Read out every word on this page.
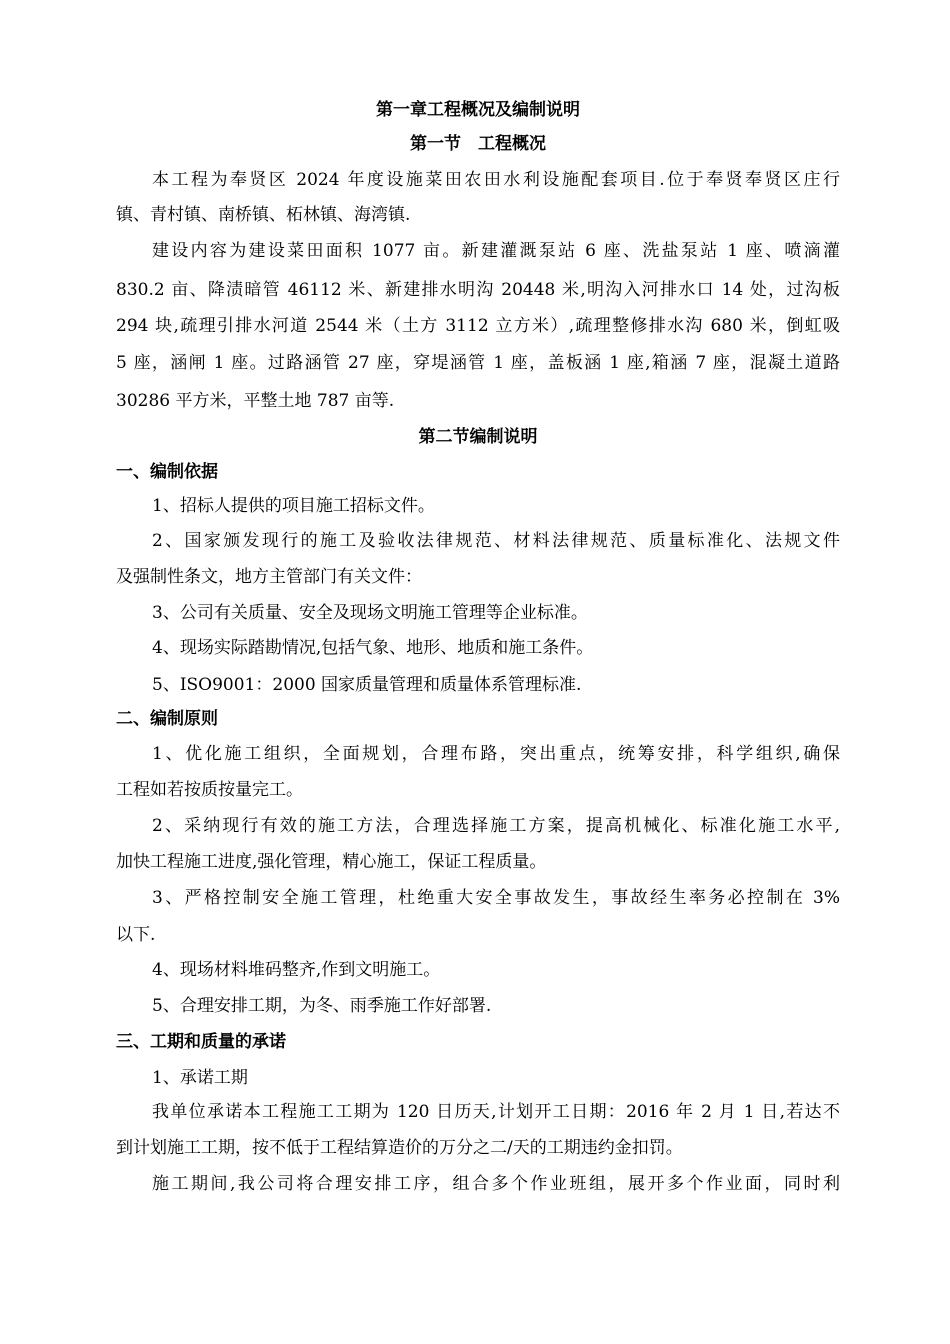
第一章工程概况及编制说明
第一节　工程概况
本工程为奉贤区 2024 年度设施菜田农田水利设施配套项目.位于奉贤奉贤区庄行
镇、青村镇、南桥镇、柘林镇、海湾镇.
建设内容为建设菜田面积 1077 亩。新建灌溉泵站 6 座、洗盐泵站 1 座、喷滴灌
830.2 亩、降渍暗管 46112 米、新建排水明沟 20448 米,明沟入河排水口 14 处，过沟板
294 块,疏理引排水河道 2544 米（土方 3112 立方米）,疏理整修排水沟 680 米，倒虹吸
5 座，涵闸 1 座。过路涵管 27 座，穿堤涵管 1 座，盖板涵 1 座,箱涵 7 座，混凝土道路
30286 平方米，平整土地 787 亩等.
第二节编制说明
一、编制依据
1、招标人提供的项目施工招标文件。
2、国家颁发现行的施工及验收法律规范、材料法律规范、质量标准化、法规文件
及强制性条文，地方主管部门有关文件：
3、公司有关质量、安全及现场文明施工管理等企业标准。
4、现场实际踏勘情况,包括气象、地形、地质和施工条件。
5、ISO9001：2000 国家质量管理和质量体系管理标准.
二、编制原则
1、优化施工组织，全面规划，合理布路，突出重点，统筹安排，科学组织,确保
工程如若按质按量完工。
2、采纳现行有效的施工方法，合理选择施工方案，提高机械化、标准化施工水平,
加快工程施工进度,强化管理，精心施工，保证工程质量。
3、严格控制安全施工管理，杜绝重大安全事故发生，事故经生率务必控制在 3%
以下.
4、现场材料堆码整齐,作到文明施工。
5、合理安排工期，为冬、雨季施工作好部署.
三、工期和质量的承诺
1、承诺工期
我单位承诺本工程施工工期为 120 日历天,计划开工日期：2016 年 2 月 1 日,若达不
到计划施工工期，按不低于工程结算造价的万分之二/天的工期违约金扣罚。
施工期间,我公司将合理安排工序，组合多个作业班组，展开多个作业面，同时利
